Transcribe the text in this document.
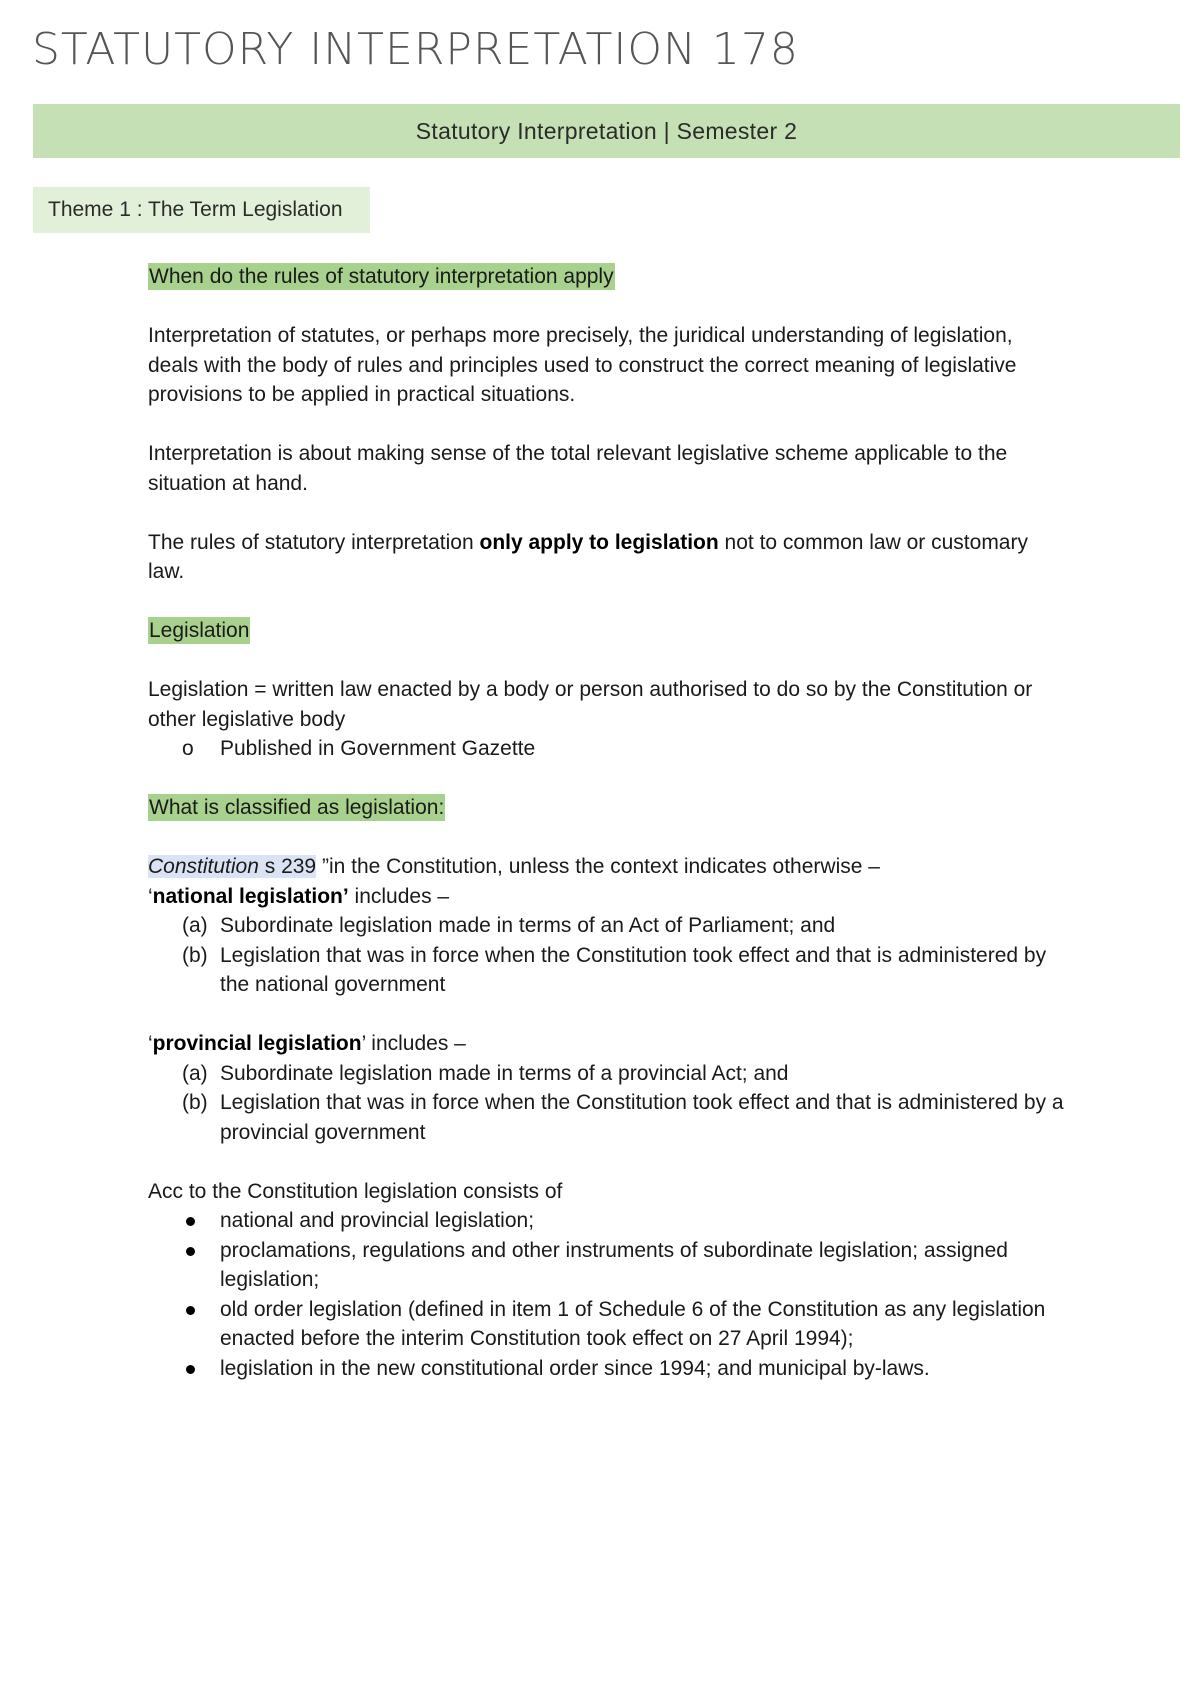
STATUTORY INTERPRETATION 178
Statutory Interpretation | Semester 2
Theme 1 : The Term Legislation

When do the rules of statutory interpretation apply

Interpretation of statutes, or perhaps more precisely, the juridical understanding of legislation, deals with the body of rules and principles used to construct the correct meaning of legislative provisions to be applied in practical situations.

Interpretation is about making sense of the total relevant legislative scheme applicable to the situation at hand.

The rules of statutory interpretation only apply to legislation not to common law or customary law.

Legislation

Legislation = written law enacted by a body or person authorised to do so by the Constitution or other legislative body

o Published in Government Gazette

What is classified as legislation:

Constitution s 239 ”in the Constitution, unless the context indicates otherwise –

‘national legislation’ includes –

(a) Subordinate legislation made in terms of an Act of Parliament; and
(b) Legislation that was in force when the Constitution took effect and that is administered by the national government

‘provincial legislation’ includes –

(a) Subordinate legislation made in terms of a provincial Act; and
(b) Legislation that was in force when the Constitution took effect and that is administered by a provincial government

Acc to the Constitution legislation consists of

national and provincial legislation;
proclamations, regulations and other instruments of subordinate legislation; assigned legislation;
old order legislation (defined in item 1 of Schedule 6 of the Constitution as any legislation enacted before the interim Constitution took effect on 27 April 1994);
legislation in the new constitutional order since 1994; and municipal by-laws.
